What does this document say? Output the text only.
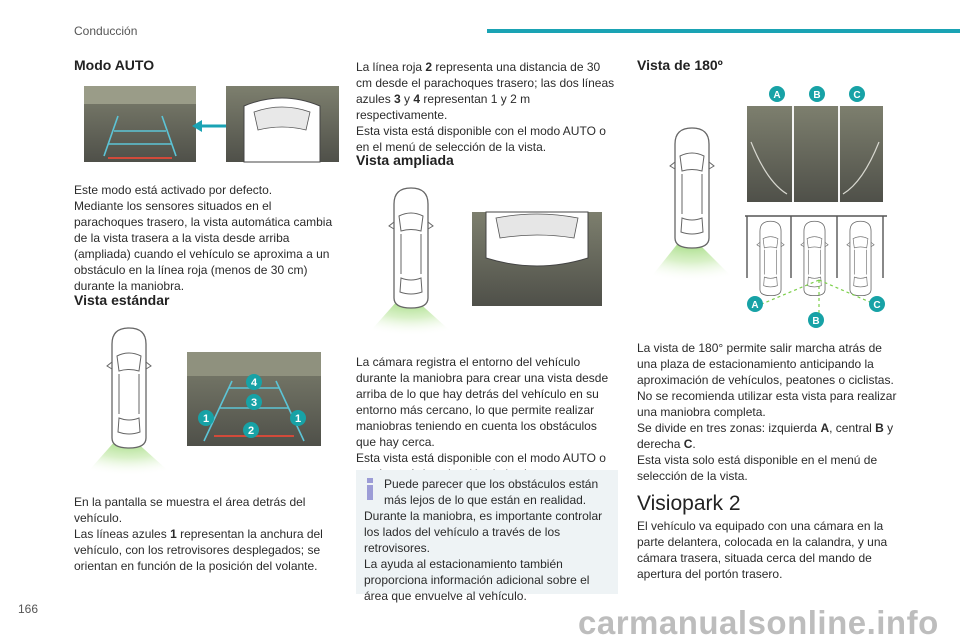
Conducción
166	carmanualsonline.info
Modo AUTO
Este modo está activado por defecto.
Mediante los sensores situados en el parachoques trasero, la vista automática cambia de la vista trasera a la vista desde arriba (ampliada) cuando el vehículo se aproxima a un obstáculo en la línea roja (menos de 30 cm) durante la maniobra.
Vista estándar
4
3
1	1
2
En la pantalla se muestra el área detrás del vehículo.
Las líneas azules 1 representan la anchura del vehículo, con los retrovisores desplegados; se orientan en función de la posición del volante.
La línea roja 2 representa una distancia de 30 cm desde el parachoques trasero; las dos líneas azules 3 y 4 representan 1 y 2 m respectivamente.
Esta vista está disponible con el modo AUTO o en el menú de selección de la vista.
Vista ampliada
La cámara registra el entorno del vehículo durante la maniobra para crear una vista desde arriba de lo que hay detrás del vehículo en su entorno más cercano, lo que permite realizar maniobras teniendo en cuenta los obstáculos que hay cerca.
Esta vista está disponible con el modo AUTO o
Puede parecer que los obstáculos están más lejos de lo que están en realidad.
Durante la maniobra, es importante controlar los lados del vehículo a través de los retrovisores.
La ayuda al estacionamiento también proporciona información adicional sobre el área que envuelve al vehículo.
Vista de 180º
A	B	C
A
B
C
La vista de 180° permite salir marcha atrás de una plaza de estacionamiento anticipando la aproximación de vehículos, peatones o ciclistas.
No se recomienda utilizar esta vista para realizar una maniobra completa.
Se divide en tres zonas: izquierda A, central B y derecha C.
Esta vista solo está disponible en el menú de selección de la vista.
Visiopark 2
El vehículo va equipado con una cámara en la parte delantera, colocada en la calandra, y una cámara trasera, situada cerca del mando de apertura del portón trasero.
